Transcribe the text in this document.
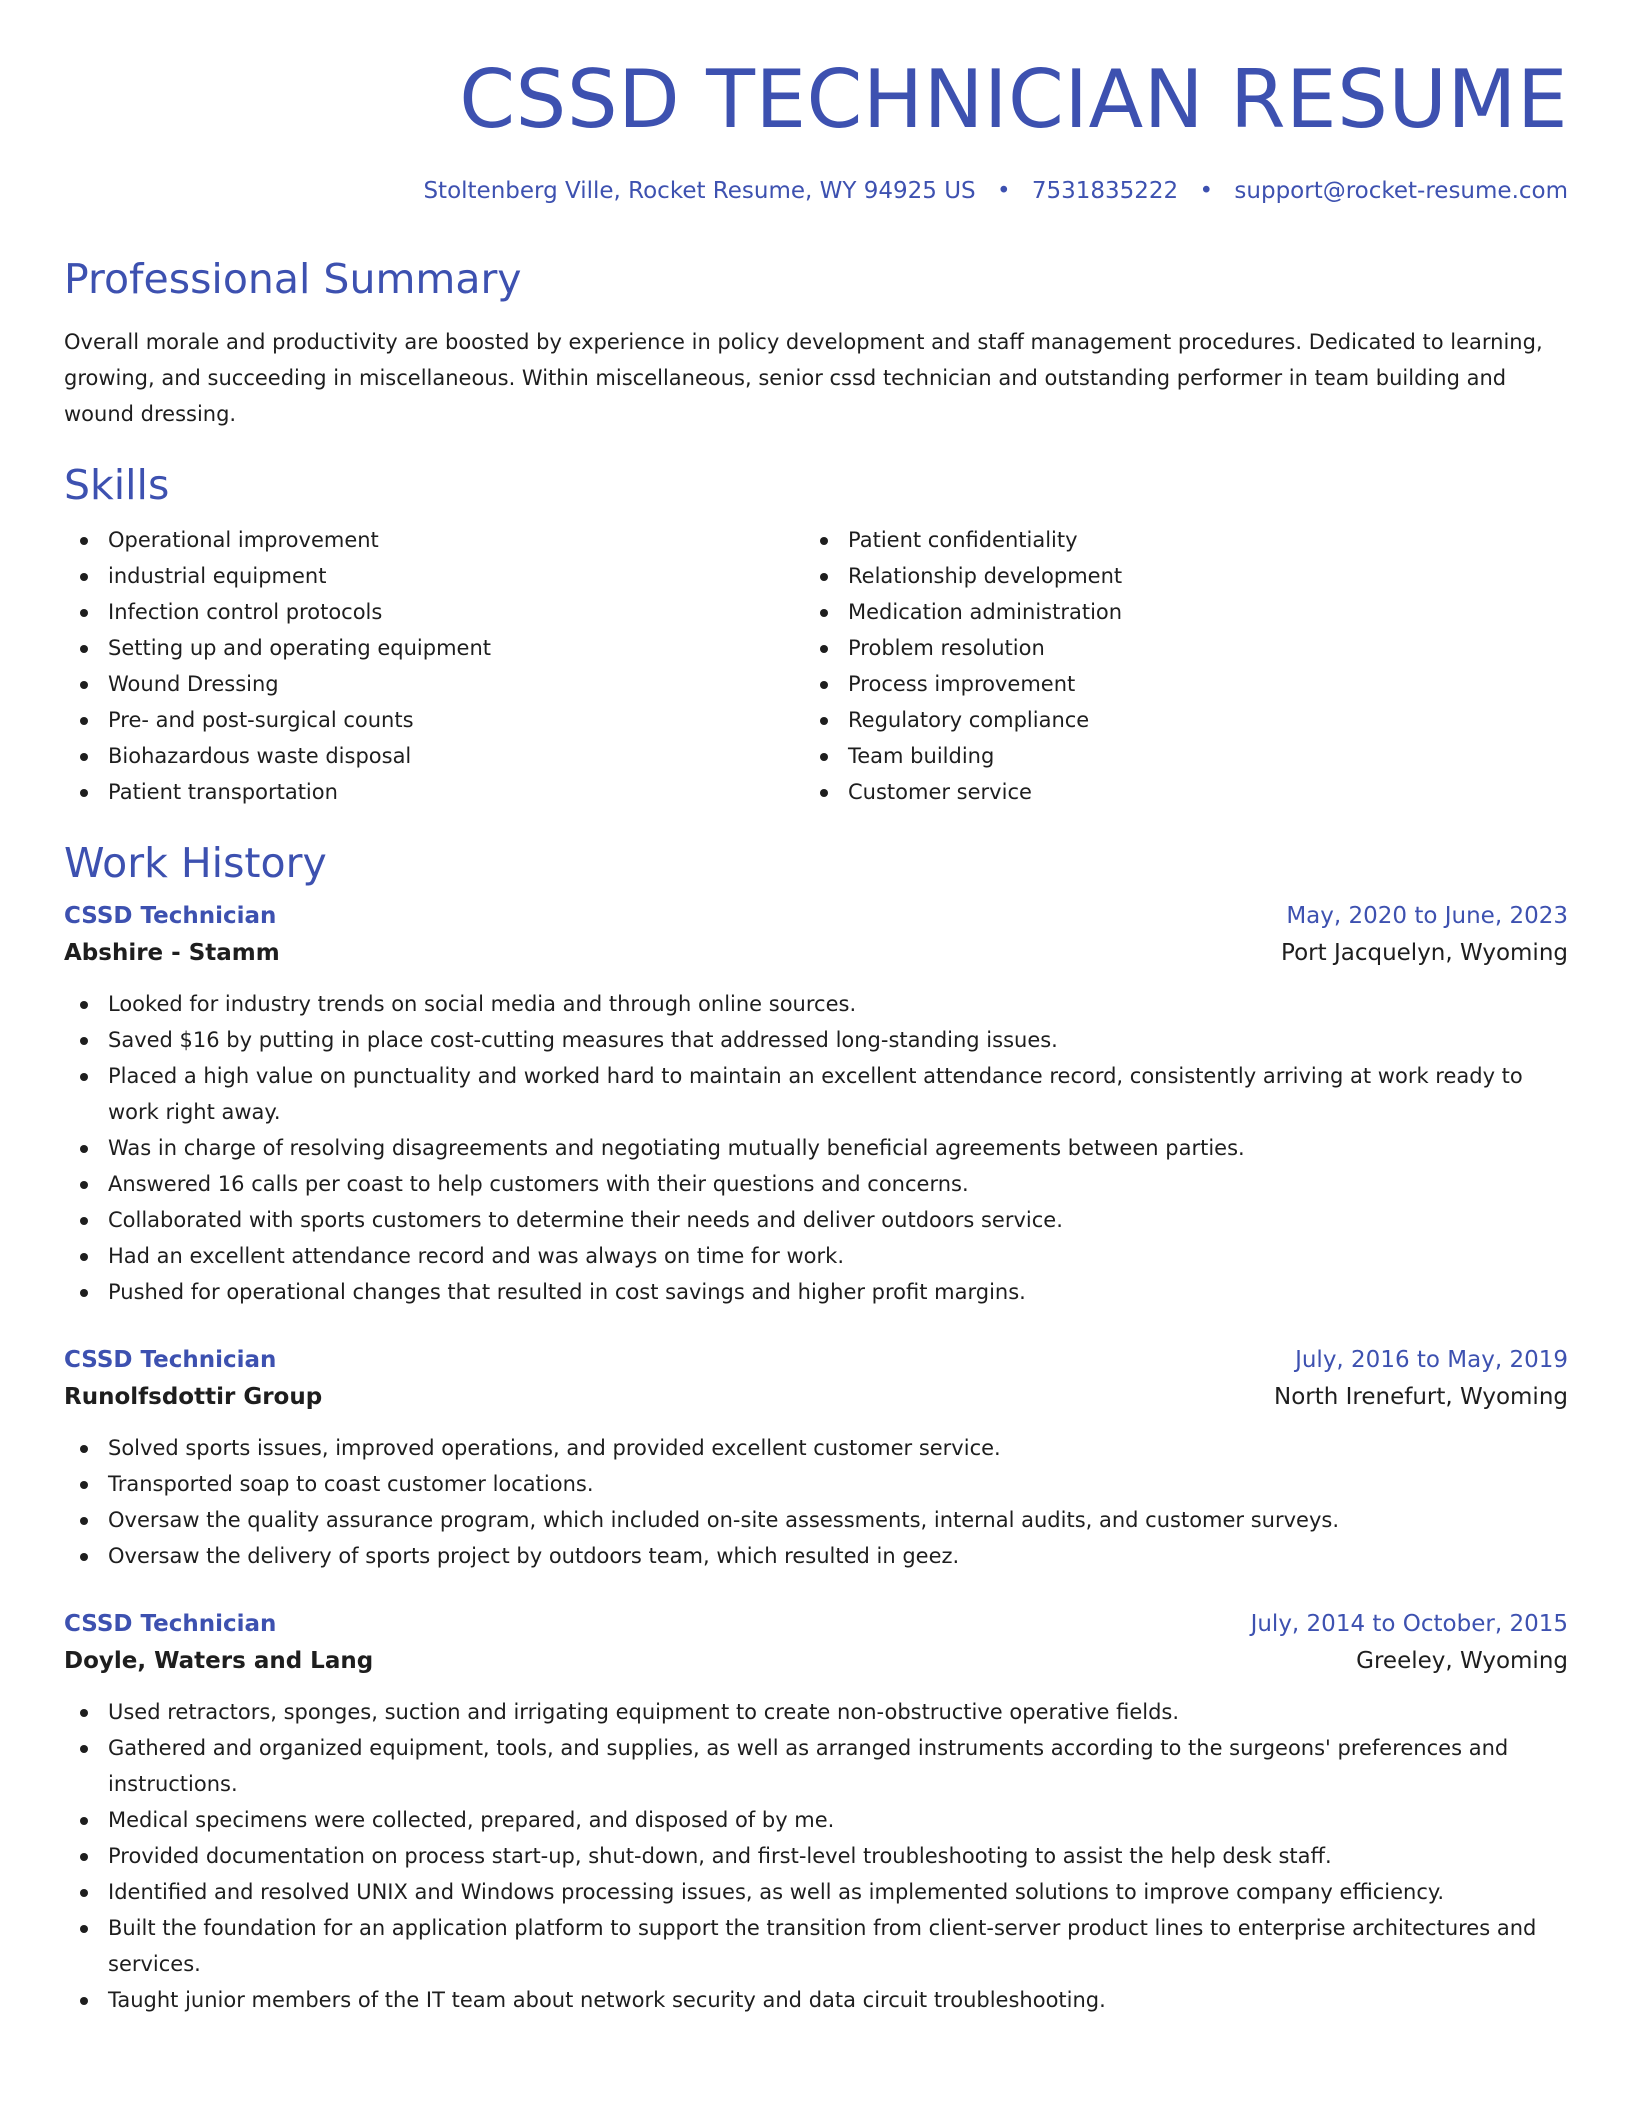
CSSD TECHNICIAN RESUME
Stoltenberg Ville, Rocket Resume, WY 94925 US • 7531835222 • support@rocket-resume.com
Professional Summary
Overall morale and productivity are boosted by experience in policy development and staff management procedures. Dedicated to learning, growing, and succeeding in miscellaneous. Within miscellaneous, senior cssd technician and outstanding performer in team building and wound dressing.
Skills
Operational improvement
industrial equipment
Infection control protocols
Setting up and operating equipment
Wound Dressing
Pre- and post-surgical counts
Biohazardous waste disposal
Patient transportation
Patient confidentiality
Relationship development
Medication administration
Problem resolution
Process improvement
Regulatory compliance
Team building
Customer service
Work History
CSSD Technician	May, 2020 to June, 2023
Abshire - Stamm	Port Jacquelyn, Wyoming
Looked for industry trends on social media and through online sources.
Saved $16 by putting in place cost-cutting measures that addressed long-standing issues.
Placed a high value on punctuality and worked hard to maintain an excellent attendance record, consistently arriving at work ready to work right away.
Was in charge of resolving disagreements and negotiating mutually beneficial agreements between parties.
Answered 16 calls per coast to help customers with their questions and concerns.
Collaborated with sports customers to determine their needs and deliver outdoors service.
Had an excellent attendance record and was always on time for work.
Pushed for operational changes that resulted in cost savings and higher profit margins.
CSSD Technician	July, 2016 to May, 2019
Runolfsdottir Group	North Irenefurt, Wyoming
Solved sports issues, improved operations, and provided excellent customer service.
Transported soap to coast customer locations.
Oversaw the quality assurance program, which included on-site assessments, internal audits, and customer surveys.
Oversaw the delivery of sports project by outdoors team, which resulted in geez.
CSSD Technician	July, 2014 to October, 2015
Doyle, Waters and Lang	Greeley, Wyoming
Used retractors, sponges, suction and irrigating equipment to create non-obstructive operative fields.
Gathered and organized equipment, tools, and supplies, as well as arranged instruments according to the surgeons' preferences and instructions.
Medical specimens were collected, prepared, and disposed of by me.
Provided documentation on process start-up, shut-down, and first-level troubleshooting to assist the help desk staff.
Identified and resolved UNIX and Windows processing issues, as well as implemented solutions to improve company efficiency.
Built the foundation for an application platform to support the transition from client-server product lines to enterprise architectures and services.
Taught junior members of the IT team about network security and data circuit troubleshooting.
